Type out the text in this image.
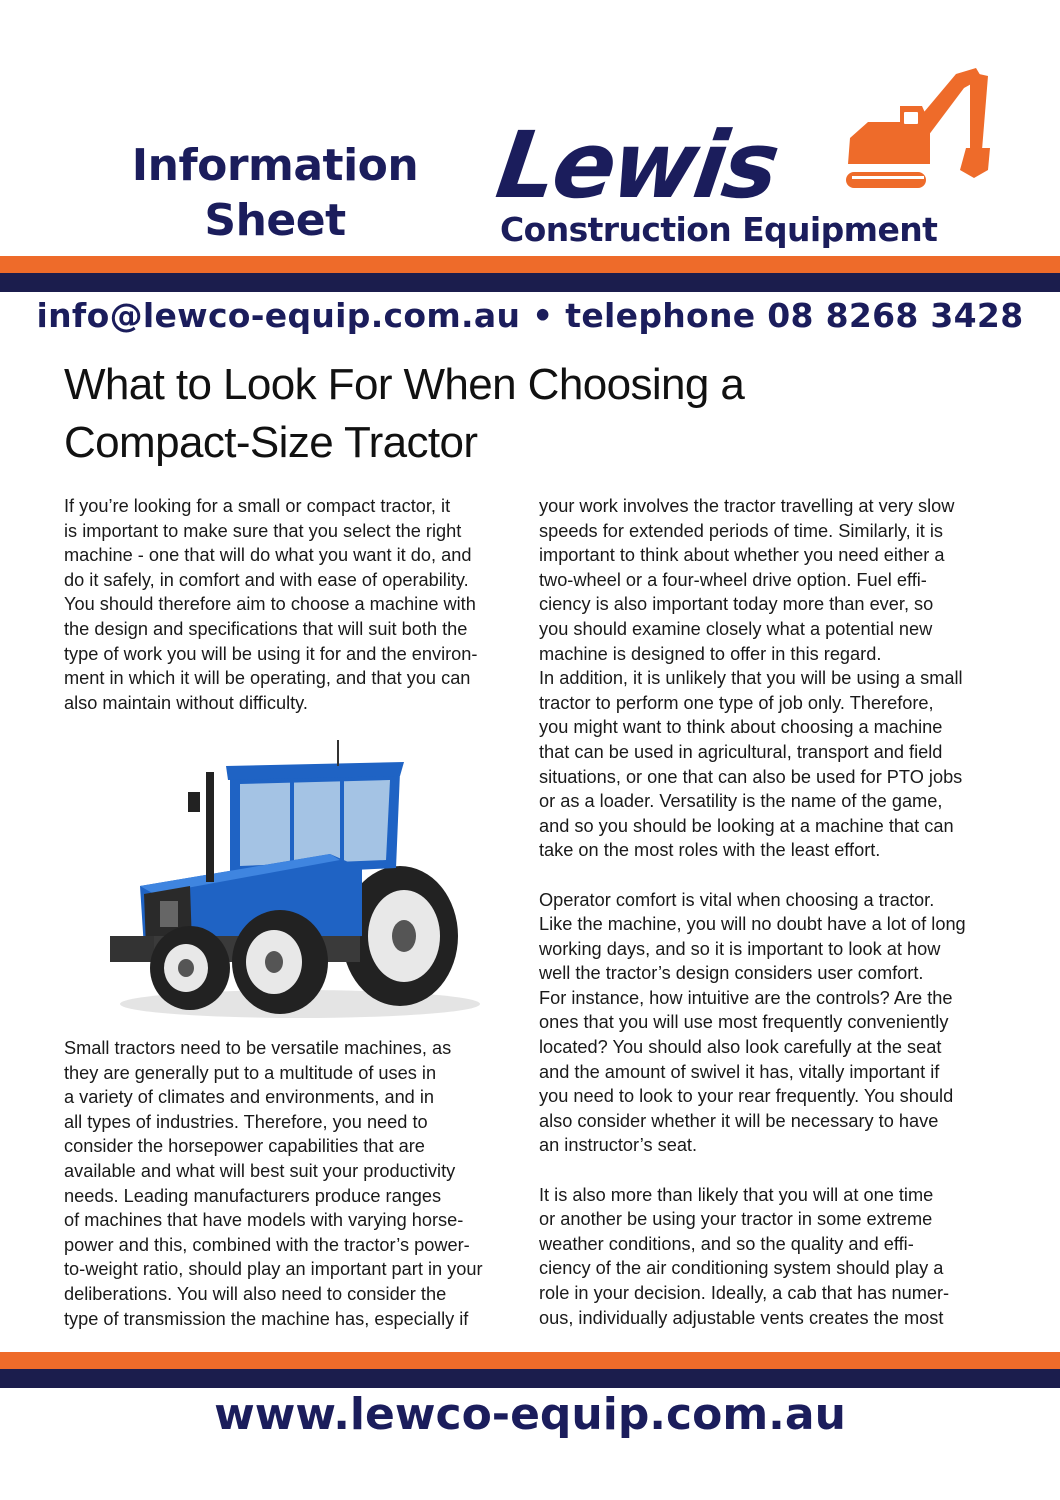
Information
Sheet
Lewis
Construction Equipment
info@lewco-equip.com.au • telephone 08 8268 3428
What to Look For When Choosing a
Compact-Size Tractor

If you’re looking for a small or compact tractor, it

is important to make sure that you select the right

machine - one that will do what you want it do, and

do it safely, in comfort and with ease of operability.

You should therefore aim to choose a machine with

the design and specifications that will suit both the

type of work you will be using it for and the environ-

ment in which it will be operating, and that you can

also maintain without difficulty.

Small tractors need to be versatile machines, as

they are generally put to a multitude of uses in

a variety of climates and environments, and in

all types of industries. Therefore, you need to

consider the horsepower capabilities that are

available and what will best suit your productivity

needs. Leading manufacturers produce ranges

of machines that have models with varying horse-

power and this, combined with the tractor’s power-

to-weight ratio, should play an important part in your

deliberations. You will also need to consider the

type of transmission the machine has, especially if

your work involves the tractor travelling at very slow

speeds for extended periods of time. Similarly, it is

important to think about whether you need either a

two-wheel or a four-wheel drive option. Fuel effi-

ciency is also important today more than ever, so

you should examine closely what a potential new

machine is designed to offer in this regard.

In addition, it is unlikely that you will be using a small

tractor to perform one type of job only. Therefore,

you might want to think about choosing a machine

that can be used in agricultural, transport and field

situations, or one that can also be used for PTO jobs

or as a loader. Versatility is the name of the game,

and so you should be looking at a machine that can

take on the most roles with the least effort.

Operator comfort is vital when choosing a tractor.

Like the machine, you will no doubt have a lot of long

working days, and so it is important to look at how

well the tractor’s design considers user comfort.

For instance, how intuitive are the controls? Are the

ones that you will use most frequently conveniently

located? You should also look carefully at the seat

and the amount of swivel it has, vitally important if

you need to look to your rear frequently. You should

also consider whether it will be necessary to have

an instructor’s seat.

It is also more than likely that you will at one time

or another be using your tractor in some extreme

weather conditions, and so the quality and effi-

ciency of the air conditioning system should play a

role in your decision. Ideally, a cab that has numer-

ous, individually adjustable vents creates the most

www.lewco-equip.com.au
